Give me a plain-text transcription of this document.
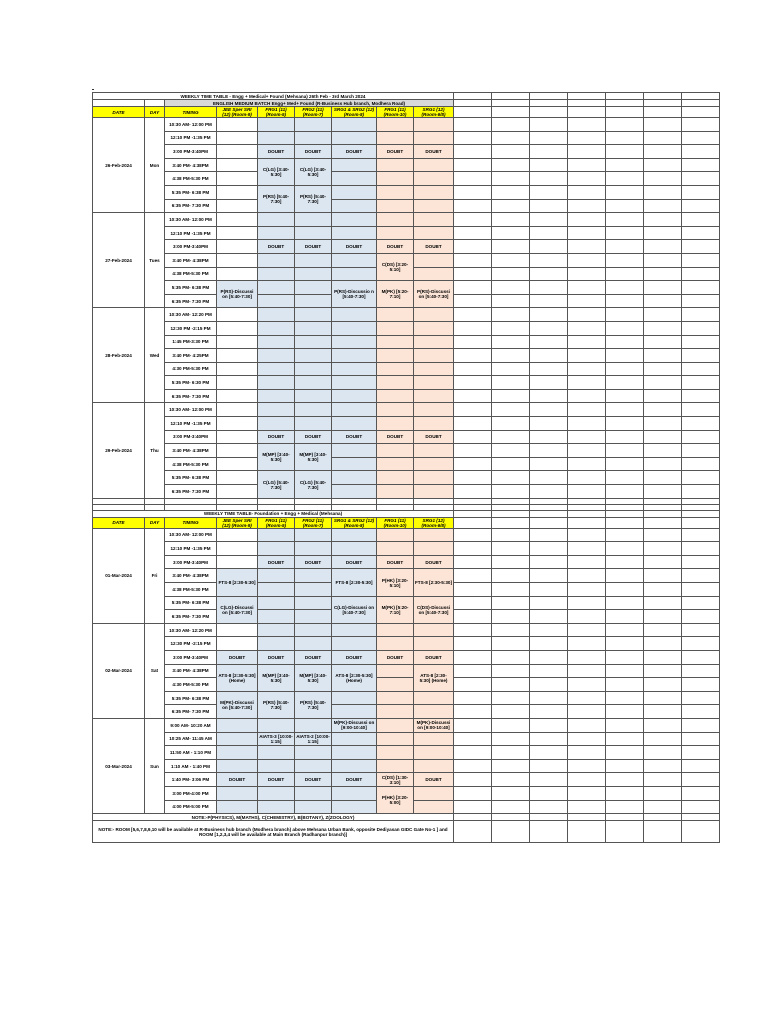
WEEKLY TIME TABLE - Engg + Medical+ Found (Mehsana) 26th Feb - 3rd March 2024															
		ENGLISH MEDIUM BATCH Engg+ Med+ Found (R-Business Hub branch, Modhera Road)													
DATE	DAY	TIMING	JEE Sper SRI (12) (Room-9)	FRG1 (11) (Room-5)	FRG2 (11) (Room-7)	SRG1 & SRG2 (12) (Room-8)	FRG1 (11) (Room-10)	SRG1 (12) (Room-6/8)							
26-Feb-2024	Mon	10:30 AM- 12:00 PM													
		12:10 PM -1:35 PM													
		3:00 PM-3:40PM		DOUBT	DOUBT	DOUBT	DOUBT	DOUBT							
		3:40 PM- 4:38PM		C(LG) [3:40-5:30]	C(LG) [3:40-5:30]										
		4:38 PM-5:30 PM													
		5:35 PM- 6:38 PM		P(RS) [5:40-7:30]	P(RS) [5:40-7:30]										
		6:35 PM- 7:30 PM													
27-Feb-2024	Tues	10:30 AM- 12:00 PM													
		12:10 PM -1:35 PM													
		3:00 PM-3:40PM		DOUBT	DOUBT	DOUBT	DOUBT	DOUBT							
		3:40 PM- 4:38PM					C(DS) [3:20-5:10]								
		4:38 PM-5:30 PM													
		5:35 PM- 6:38 PM	P(RS)-Discussi on [5:40-7:30]			P(RS)-Discussio n [5:40-7:30]	M(PK) [5:20-7:10]	P(RS)-Discussi on [5:40-7:30]							
		6:35 PM- 7:30 PM													
28-Feb-2024	Wed	10:30 AM- 12:20 PM													
		12:30 PM -2:15 PM													
		1:45 PM-3:30 PM													
		3:40 PM- 4:25PM													
		4:30 PM-5:30 PM													
		5:35 PM- 6:30 PM													
		6:35 PM- 7:30 PM													
29-Feb-2024	Thu	10:30 AM- 12:00 PM													
		12:10 PM -1:35 PM													
		3:00 PM-3:40PM		DOUBT	DOUBT	DOUBT	DOUBT	DOUBT							
		3:40 PM- 4:38PM		M(MP) [3:40-5:30]	M(MP) [3:40-5:30]										
		4:38 PM-5:30 PM													
		5:35 PM- 6:38 PM		C(LG) [5:40-7:30]	C(LG) [5:40-7:30]										
		6:35 PM- 7:30 PM													

WEEKLY TIME TABLE- Foundation + Engg + Medical (Mehsana)															
DATE	DAY	TIMING	JEE Sper SRI (12) (Room-9)	FRG1 (11) (Room-5)	FRG2 (11) (Room-7)	SRG1 & SRG2 (12) (Room-8)	FRG1 (11) (Room-10)	SRG1 (12) (Room-6/8)							
01-Mar-2024	Fri	10:30 AM- 12:00 PM													
		12:10 PM -1:35 PM													
		3:00 PM-3:40PM		DOUBT	DOUBT	DOUBT	DOUBT	DOUBT							
		3:40 PM- 4:38PM	FTS-8 [2:30-5:30]			FTS-8 [2:30-5:30]	P(HK) [3:20-5:10]	FTS-8 [2:30-5:30]							
		4:38 PM-5:30 PM													
		5:35 PM- 6:38 PM	C(LG)-Discussi on [5:40-7:30]			C(LG)-Discussi on [5:40-7:30]	M(PK) [5:20-7:10]	C(DS)-Discussi on [5:40-7:30]							
		6:35 PM- 7:30 PM													
02-Mar-2024	Sat	10:30 AM- 12:20 PM													
		12:30 PM -2:15 PM													
		3:00 PM-3:40PM	DOUBT	DOUBT	DOUBT	DOUBT	DOUBT	DOUBT							
		3:40 PM- 4:38PM	ATS-8 [2:30-5:30] (Home)	M(MP) [3:40-5:30]	M(MP) [3:40-5:30]	ATS-8 [2:30-5:30] (Home)		ATS-8 [2:30-5:30] (Home)							
		4:30 PM-5:30 PM													
		5:35 PM- 6:38 PM	M(PK)-Discussi on [5:40-7:30]	P(RS) [5:40-7:30]	P(RS) [5:40-7:30]										
		6:35 PM- 7:30 PM													
03-Mar-2024	Sun	9:00 AM- 10:20 AM				M(PK)-Discussi on [9:00-10:40]		M(PK)-Discussi on [9:00-10:40]							
		10:25 AM- 11:45 AM		AIATS-3 [10:00-1:15]	AIATS-2 [10:00-1:15]										
		11:50 AM - 1:10 PM													
		1:10 AM - 1:40 PM													
		1:40 PM- 3:06 PM	DOUBT	DOUBT	DOUBT	DOUBT	C(DS) [1:30-3:10]	DOUBT							
		3:00 PM-4:00 PM					P(HK) [3:20-5:00]								
		4:00 PM-5:00 PM													
NOTE:-P(PHYSICS), M(MATHS), C(CHEMISTRY), B(BOTANY), Z(ZOOLOGY)															
NOTE:- ROOM [5,6,7,8,9,10 will be available at R-Business hub branch (Modhera branch) above Mehsana Urban Bank, opposite Dediyasan GIDC Gate No-1 ] and ROOM [1,2,3,4 will be available at Main Branch (Radhanpur branch)]															
